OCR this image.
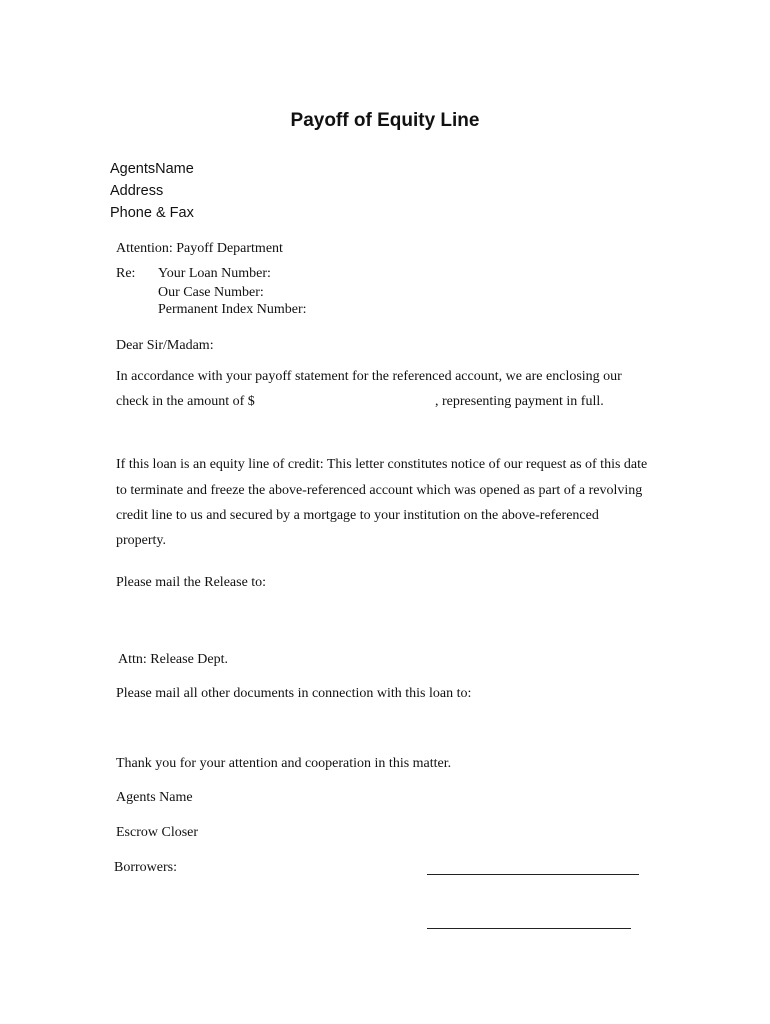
Payoff of Equity Line
AgentsName
Address
Phone & Fax
Attention: Payoff Department
Re: Your Loan Number:
Our Case Number:
Permanent Index Number:
Dear Sir/Madam:
In accordance with your payoff statement for the referenced account, we are enclosing our
check in the amount of $	, representing payment in full.
If this loan is an equity line of credit: This letter constitutes notice of our request as of this date
to terminate and freeze the above-referenced account which was opened as part of a revolving
credit line to us and secured by a mortgage to your institution on the above-referenced
property.
Please mail the Release to:
Attn: Release Dept.
Please mail all other documents in connection with this loan to:
Thank you for your attention and cooperation in this matter.
Agents Name
Escrow Closer
Borrowers:
